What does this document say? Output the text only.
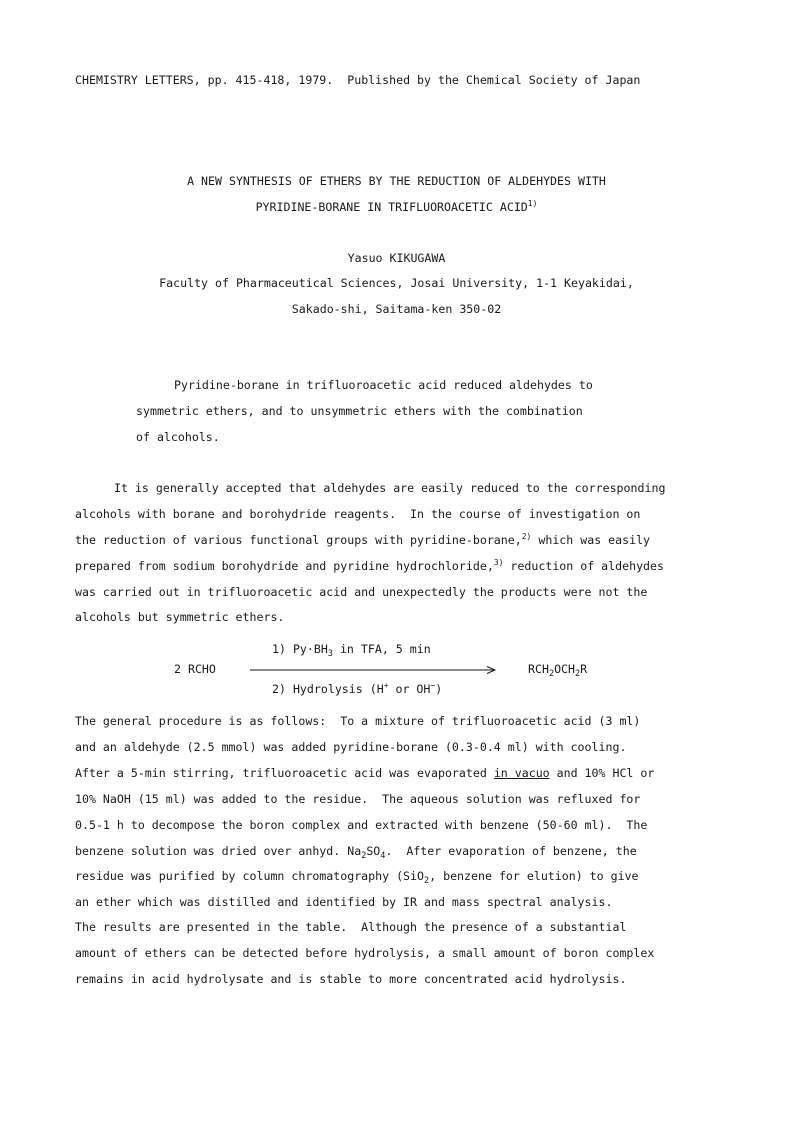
CHEMISTRY LETTERS, pp. 415-418, 1979. Published by the Chemical Society of Japan
A NEW SYNTHESIS OF ETHERS BY THE REDUCTION OF ALDEHYDES WITH
PYRIDINE-BORANE IN TRIFLUOROACETIC ACID$^{1)}$
Yasuo KIKUGAWA
Faculty of Pharmaceutical Sciences, Josai University, 1-1 Keyakidai,
Sakado-shi, Saitama-ken 350-02
Pyridine-borane in trifluoroacetic acid reduced aldehydes to
symmetric ethers, and to unsymmetric ethers with the combination
of alcohols.
It is generally accepted that aldehydes are easily reduced to the corresponding
alcohols with borane and borohydride reagents.  In the course of investigation on
the reduction of various functional groups with pyridine-borane,$^{2)}$ which was easily
prepared from sodium borohydride and pyridine hydrochloride,$^{3)}$ reduction of aldehydes
was carried out in trifluoroacetic acid and unexpectedly the products were not the
alcohols but symmetric ethers.
1) $Py\cdot BH_3$ in TFA, 5 min
2 RCHO	$RCH_2OCH_2R$
2) Hydrolysis (H+ or OH−)
The general procedure is as follows:  To a mixture of trifluoroacetic acid (3 ml)
and an aldehyde (2.5 mmol) was added pyridine-borane (0.3-0.4 ml) with cooling.
After a 5-min stirring, trifluoroacetic acid was evaporated in vacuo and 10% HCl or
10% NaOH (15 ml) was added to the residue.  The aqueous solution was refluxed for
0.5-1 h to decompose the boron complex and extracted with benzene (50-60 ml).  The
benzene solution was dried over anhyd. $Na_2SO_4$.  After evaporation of benzene, the
residue was purified by column chromatography (SiO$_2$, benzene for elution) to give
an ether which was distilled and identified by IR and mass spectral analysis.
The results are presented in the table.  Although the presence of a substantial
amount of ethers can be detected before hydrolysis, a small amount of boron complex
remains in acid hydrolysate and is stable to more concentrated acid hydrolysis.
